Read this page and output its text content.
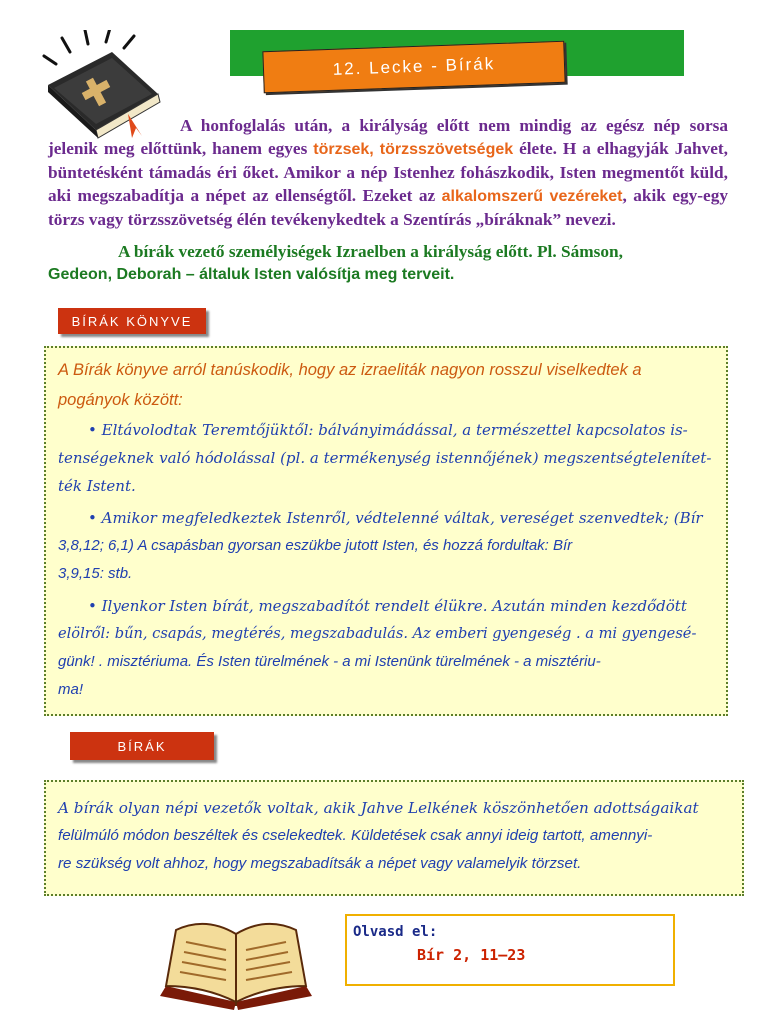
12. Lecke - Bírák
A honfoglalás után, a királyság előtt nem mindig az egész nép sorsa jelenik meg előttünk, hanem egyes törzsek, törzsszövetségek élete. H a elhagyják Jahvet, büntetésként támadás éri őket. Amikor a nép Istenhez fohászkodik, Isten megmentőt küld, aki megszabadítja a népet az ellenségtől. Ezeket az alkalomszerű vezéreket, akik egy-egy törzs vagy törzsszövetség élén tevékenykedtek a Szentírás „bíráknak” nevezi.
A bírák vezető személyiségek Izraelben a királyság előtt. Pl. Sámson,
Gedeon, Deborah – általuk Isten valósítja meg terveit.
BÍRÁK KÖNYVE
A Bírák könyve arról tanúskodik, hogy az izraeliták nagyon rosszul viselkedtek a
pogányok között:
• Eltávolodtak Teremtőjüktől: bálványimádással, a természettel kapcsolatos is-
tenségeknek való hódolással (pl. a termékenység istennőjének) megszentségtelenítet-
ték Istent.
• Amikor megfeledkeztek Istenről, védtelenné váltak, vereséget szenvedtek; (Bír
3,8,12; 6,1) A csapásban gyorsan eszükbe jutott Isten, és hozzá fordultak: Bír
3,9,15: stb.
• Ilyenkor Isten bírát, megszabadítót rendelt élükre. Azután minden kezdődött
elölről: bűn, csapás, megtérés, megszabadulás. Az emberi gyengeség . a mi gyengesé-
günk! . misztériuma. És Isten türelmének - a mi Istenünk türelmének - a misztériu-
ma!
BÍRÁK
A bírák olyan népi vezetők voltak, akik Jahve Lelkének köszönhetően adottságaikat
felülmúló módon beszéltek és cselekedtek. Küldetések csak annyi ideig tartott, amennyi-
re szükség volt ahhoz, hogy megszabadítsák a népet vagy valamelyik törzset.
Olvasd el:
Bír 2, 11–23
